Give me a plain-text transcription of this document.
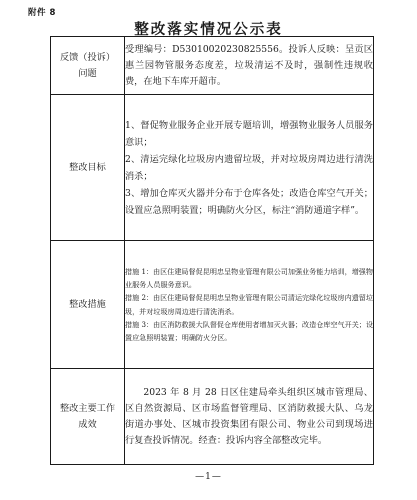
附件 8
整改落实情况公示表
反馈（投诉）问题	受理编号：D5301002023082555​6。投诉人反映：呈贡区惠兰园物管服务态度差，垃圾清运不及时，强制性违规收费，在地下车库开超市。

整改目标	1、督促物业服务企业开展专题培训，增强物业服务人员服务意识；

2、清运完绿化垃圾房内遗留垃圾，并对垃圾房周边进行清洗消杀；

3、增加仓库灭火器并分布于仓库各处；改造仓库空气开关；设置应急照明装置；明确防火分区，标注“消防通道字样”。

整改措施	措施 1：由区住建局督促昆明忠呈物业管理有限公司加强业务能力培训，增强物业服务人员服务意识。

措施 2：由区住建局督促昆明忠呈物业管理有限公司清运完绿化垃圾房内遗留垃圾，并对垃圾房周边进行清洗消杀。

措施 3：由区消防救援大队督促仓库使用者增加灭火器；改造仓库空气开关；设置应急照明装置；明确防火分区。

整改主要工作成效	2023 年 8 月 28 日区住建局牵头组织区城市管理局、区自然资源局、区市场监督管理局、区消防救援大队、乌龙街道办事处、区城市投资集团有限公司、物业公司到现场进行复查投诉情况。经查：投诉内容全部整改完毕。

—1—
